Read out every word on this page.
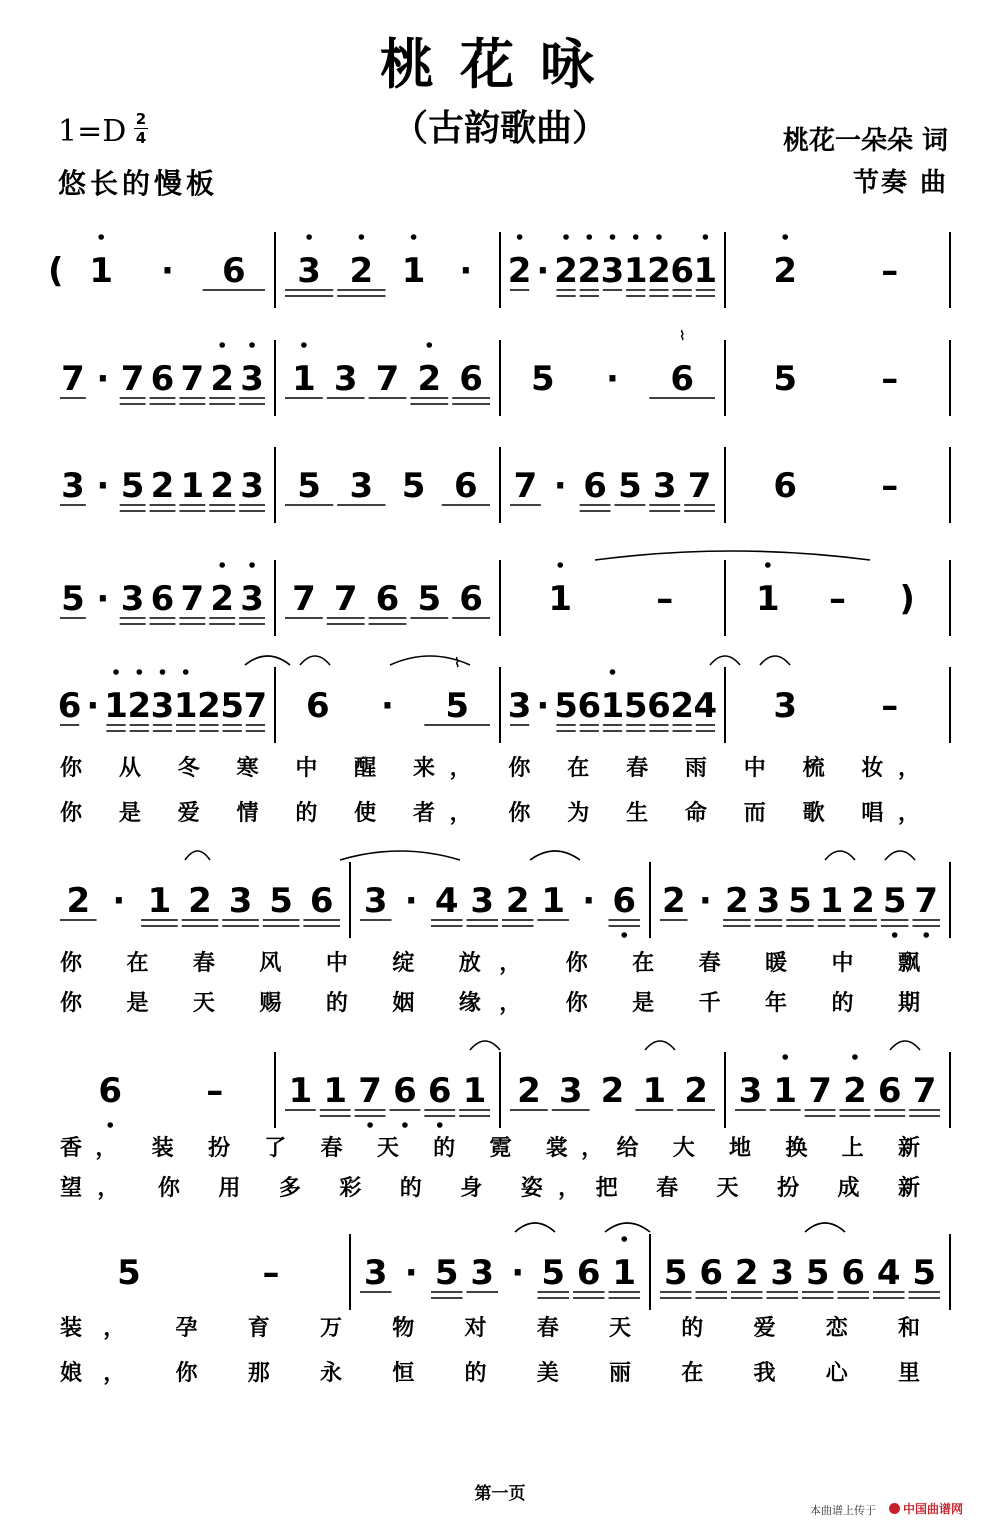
桃花咏
（古韵歌曲）
1=D 2
4
悠长的慢板
桃花一朵朵 词
节奏 曲
( 1 · 6 3 2 1 · 2 · 2 2 3 1 2 6 1 2 –
7 · 7 6 7 2 3 1 3 7 2 6 5 · 6
⌇
5 –
3 · 5 2 1 2 3 5 3 5 6 7 · 6 5 3 7 6 –
5 · 3 6 7 2 3 7 7 6 5 6 1 – 1 – )
6 · 1 2 3 1 2 5 7 6 · 5
⌇
3 · 5 6 1 5 6 2 4 3 –
2 · 1 2 3 5 6 3 · 4 3 2 1 · 6 2 · 2 3 5 1 2 5 7
6 – 1 1 7 6 6 1 2 3 2 1 2 3 1 7 2 6 7
5	– 3 · 5 3 · 5 6 1 5 6 2 3 5 6 4 5
你 从 冬 寒 中 醒 来， 你 在 春 雨 中 梳 妆，
你 是 爱 情 的 使 者， 你 为 生 命 而 歌 唱，
你 在 春 风 中 绽 放， 你 在 春 暖 中 飘
你 是 天 赐 的 姻 缘， 你 是 千 年 的 期
香， 装 扮 了 春 天 的 霓 裳，给 大 地 换 上 新
望， 你 用 多 彩 的 身 姿，把 春 天 扮 成 新
装， 孕 育 万 物 对 春 天 的 爱 恋 和
娘， 你 那 永 恒 的 美 丽 在 我 心 里
第一页
本曲谱上传于	中国曲谱网
